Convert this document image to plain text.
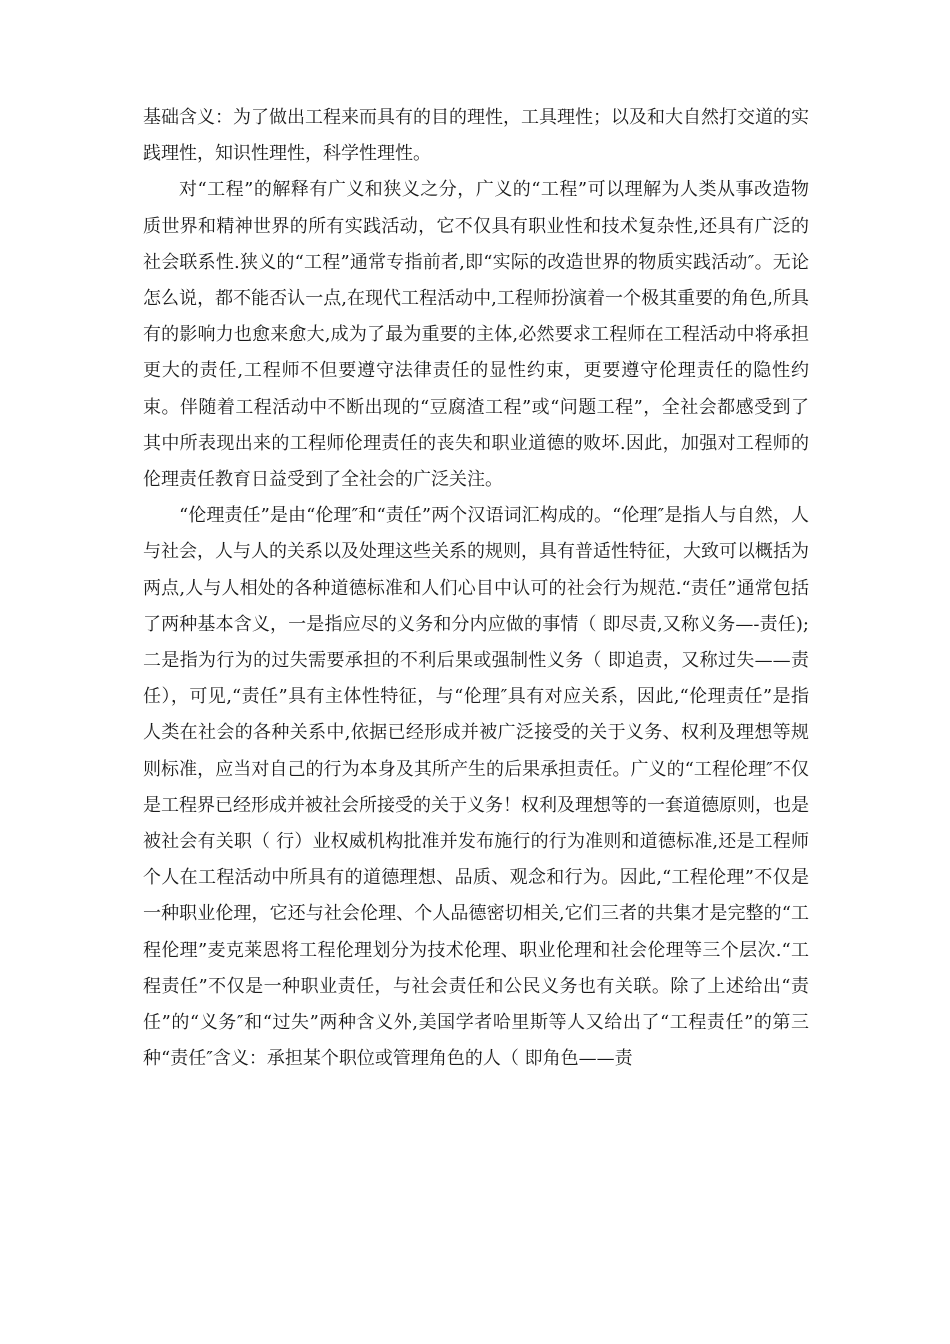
基础含义：为了做出工程来而具有的目的理性，工具理性；以及和大自然打交道的实践理性，知识性理性，科学性理性。

对“工程”的解释有广义和狭义之分，广义的“工程”可以理解为人类从事改造物质世界和精神世界的所有实践活动，它不仅具有职业性和技术复杂性,还具有广泛的社会联系性.狭义的“工程”通常专指前者,即“实际的改造世界的物质实践活动″。无论怎么说，都不能否认一点,在现代工程活动中,工程师扮演着一个极其重要的角色,所具有的影响力也愈来愈大,成为了最为重要的主体,必然要求工程师在工程活动中将承担更大的责任,工程师不但要遵守法律责任的显性约束，更要遵守伦理责任的隐性约束。伴随着工程活动中不断出现的“豆腐渣工程”或“问题工程”，全社会都感受到了其中所表现出来的工程师伦理责任的丧失和职业道德的败坏.因此，加强对工程师的伦理责任教育日益受到了全社会的广泛关注。

“伦理责任”是由“伦理″和“责任”两个汉语词汇构成的。“伦理″是指人与自然，人与社会，人与人的关系以及处理这些关系的规则，具有普适性特征，大致可以概括为两点,人与人相处的各种道德标准和人们心目中认可的社会行为规范.“责任”通常包括了两种基本含义，一是指应尽的义务和分内应做的事情（ 即尽责,又称义务—-责任);二是指为行为的过失需要承担的不利后果或强制性义务（ 即追责，又称过失——责任），可见,“责任”具有主体性特征，与“伦理″具有对应关系，因此,“伦理责任”是指人类在社会的各种关系中,依据已经形成并被广泛接受的关于义务、权利及理想等规则标准，应当对自己的行为本身及其所产生的后果承担责任。广义的“工程伦理″不仅是工程界已经形成并被社会所接受的关于义务！权利及理想等的一套道德原则，也是被社会有关职（ 行）业权威机构批准并发布施行的行为准则和道德标准,还是工程师个人在工程活动中所具有的道德理想、品质、观念和行为。因此,“工程伦理”不仅是一种职业伦理，它还与社会伦理、个人品德密切相关,它们三者的共集才是完整的“工程伦理”麦克莱恩将工程伦理划分为技术伦理、职业伦理和社会伦理等三个层次.“工程责任”不仅是一种职业责任，与社会责任和公民义务也有关联。除了上述给出“责任”的“义务″和“过失”两种含义外,美国学者哈里斯等人又给出了“工程责任”的第三种“责任″含义：承担某个职位或管理角色的人（ 即角色——责
